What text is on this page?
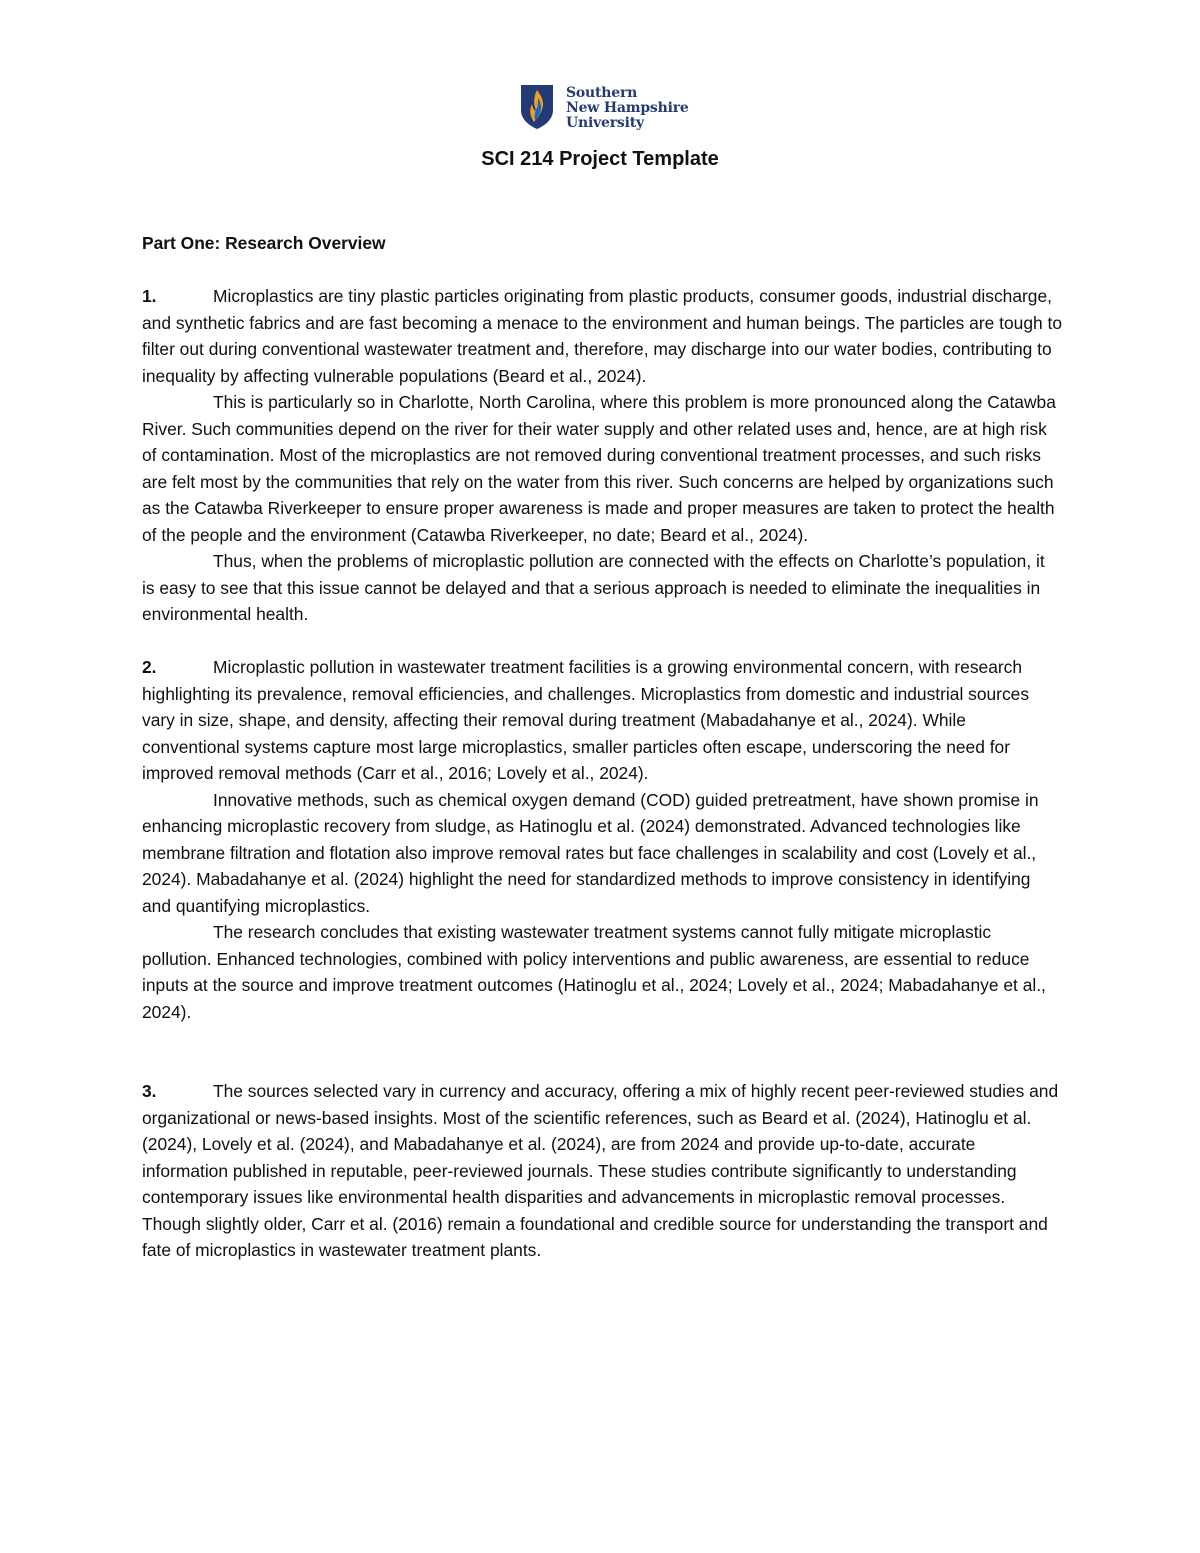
Southern
New Hampshire
University
SCI 214 Project Template

Part One: Research Overview

1.	Microplastics are tiny plastic particles originating from plastic products, consumer goods, industrial discharge, and synthetic fabrics and are fast becoming a menace to the environment and human beings. The particles are tough to filter out during conventional wastewater treatment and, therefore, may discharge into our water bodies, contributing to inequality by affecting vulnerable populations (Beard et al., 2024).

This is particularly so in Charlotte, North Carolina, where this problem is more pronounced along the Catawba River. Such communities depend on the river for their water supply and other related uses and, hence, are at high risk of contamination. Most of the microplastics are not removed during conventional treatment processes, and such risks are felt most by the communities that rely on the water from this river. Such concerns are helped by organizations such as the Catawba Riverkeeper to ensure proper awareness is made and proper measures are taken to protect the health of the people and the environment (Catawba Riverkeeper, no date; Beard et al., 2024).

Thus, when the problems of microplastic pollution are connected with the effects on Charlotte’s population, it is easy to see that this issue cannot be delayed and that a serious approach is needed to eliminate the inequalities in environmental health.

2.	Microplastic pollution in wastewater treatment facilities is a growing environmental concern, with research highlighting its prevalence, removal efficiencies, and challenges. Microplastics from domestic and industrial sources vary in size, shape, and density, affecting their removal during treatment (Mabadahanye et al., 2024). While conventional systems capture most large microplastics, smaller particles often escape, underscoring the need for improved removal methods (Carr et al., 2016; Lovely et al., 2024).

Innovative methods, such as chemical oxygen demand (COD) guided pretreatment, have shown promise in enhancing microplastic recovery from sludge, as Hatinoglu et al. (2024) demonstrated. Advanced technologies like membrane filtration and flotation also improve removal rates but face challenges in scalability and cost (Lovely et al., 2024). Mabadahanye et al. (2024) highlight the need for standardized methods to improve consistency in identifying and quantifying microplastics.

The research concludes that existing wastewater treatment systems cannot fully mitigate microplastic pollution. Enhanced technologies, combined with policy interventions and public awareness, are essential to reduce inputs at the source and improve treatment outcomes (Hatinoglu et al., 2024; Lovely et al., 2024; Mabadahanye et al., 2024).

3.	The sources selected vary in currency and accuracy, offering a mix of highly recent peer-reviewed studies and organizational or news-based insights. Most of the scientific references, such as Beard et al. (2024), Hatinoglu et al. (2024), Lovely et al. (2024), and Mabadahanye et al. (2024), are from 2024 and provide up-to-date, accurate information published in reputable, peer-reviewed journals. These studies contribute significantly to understanding contemporary issues like environmental health disparities and advancements in microplastic removal processes. Though slightly older, Carr et al. (2016) remain a foundational and credible source for understanding the transport and fate of microplastics in wastewater treatment plants.
